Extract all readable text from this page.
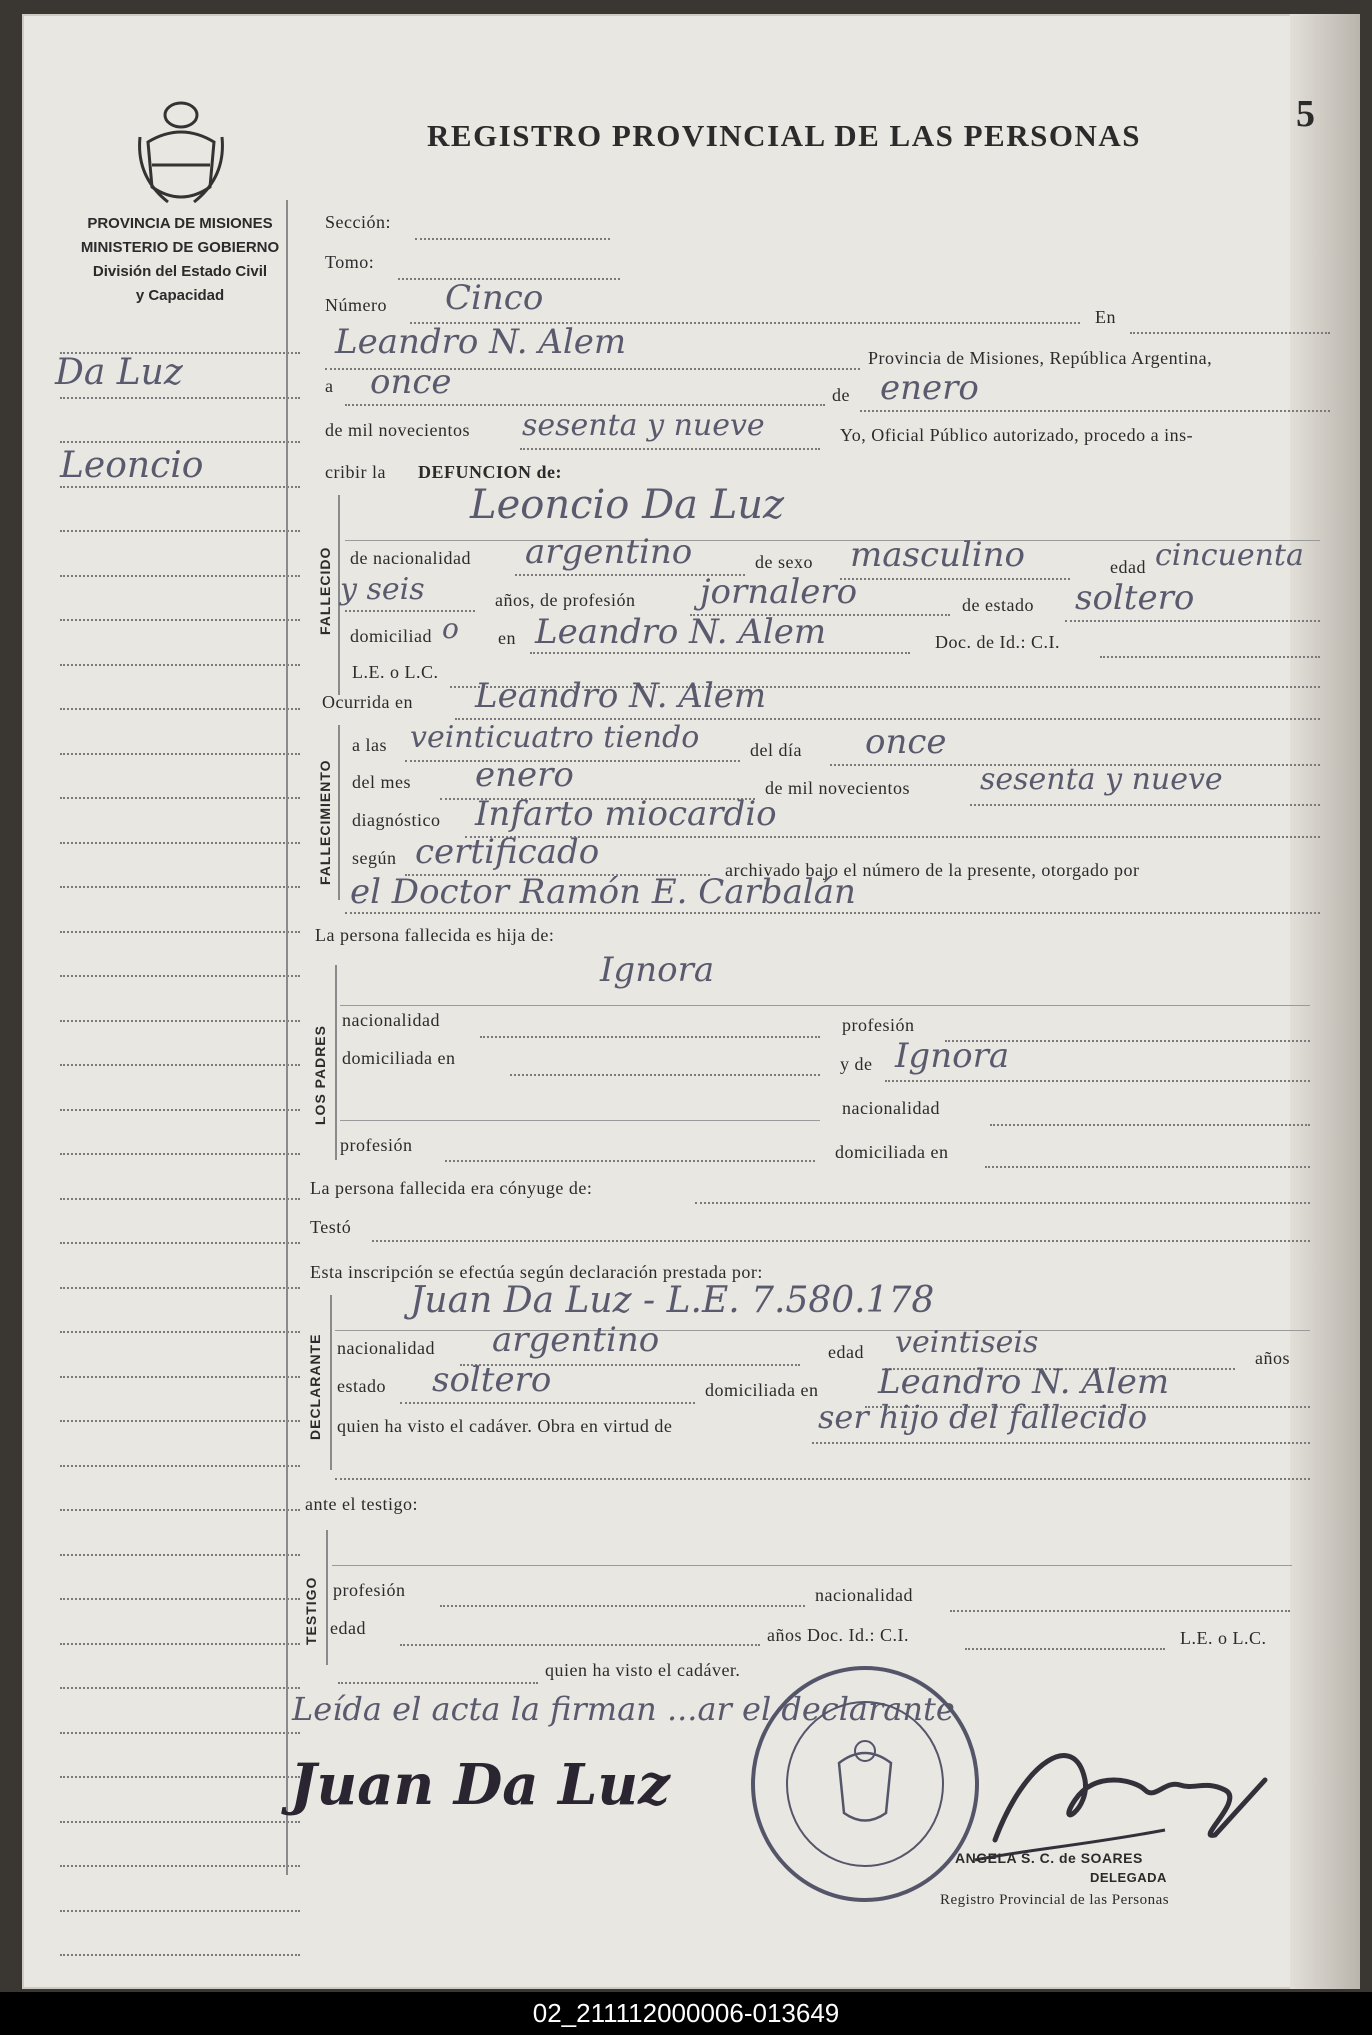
REGISTRO PROVINCIAL DE LAS PERSONAS
5
PROVINCIA DE MISIONES
MINISTERIO DE GOBIERNO
División del Estado Civil
y Capacidad
Da Luz
Leoncio
Sección:
Tomo:
Número Cinco	En
Leandro N. Alem	Provincia de Misiones, República Argentina,
a once	de enero
de mil novecientos sesenta y nueve	Yo, Oficial Público autorizado, procedo a ins-
cribir la DEFUNCION de:
FALLECIDO
Leoncio Da Luz
de nacionalidad argentino	de sexo masculino	edad cincuenta
y seis	años, de profesión jornalero	de estado soltero
domiciliad o en Leandro N. Alem	Doc. de Id.: C.I.
L.E. o L.C.
Ocurrida en Leandro N. Alem
FALLECIMIENTO
a las veinticuatro tiendo	del día once
del mes enero	de mil novecientos sesenta y nueve
diagnóstico Infarto miocardio
según certificado	archivado bajo el número de la presente, otorgado por
el Doctor Ramón E. Carbalán
La persona fallecida es hija de:
LOS PADRES
Ignora
nacionalidad	profesión
domiciliada en	y de Ignora
nacionalidad
profesión	domiciliada en
La persona fallecida era cónyuge de:
Testó
Esta inscripción se efectúa según declaración prestada por:
DECLARANTE
Juan Da Luz - L.E. 7.580.178
nacionalidad argentino	edad veintiseis	años
estado soltero	domiciliada en Leandro N. Alem
quien ha visto el cadáver. Obra en virtud de	ser hijo del fallecido
ante el testigo:
TESTIGO profesión	nacionalidad
edad	años Doc. Id.: C.I.	L.E. o L.C.
quien ha visto el cadáver.
Leída el acta la firman ...ar el declarante
Juan Da Luz
ANGELA S. C. de SOARES
DELEGADA
Registro Provincial de las Personas
02_211112000006-013649
